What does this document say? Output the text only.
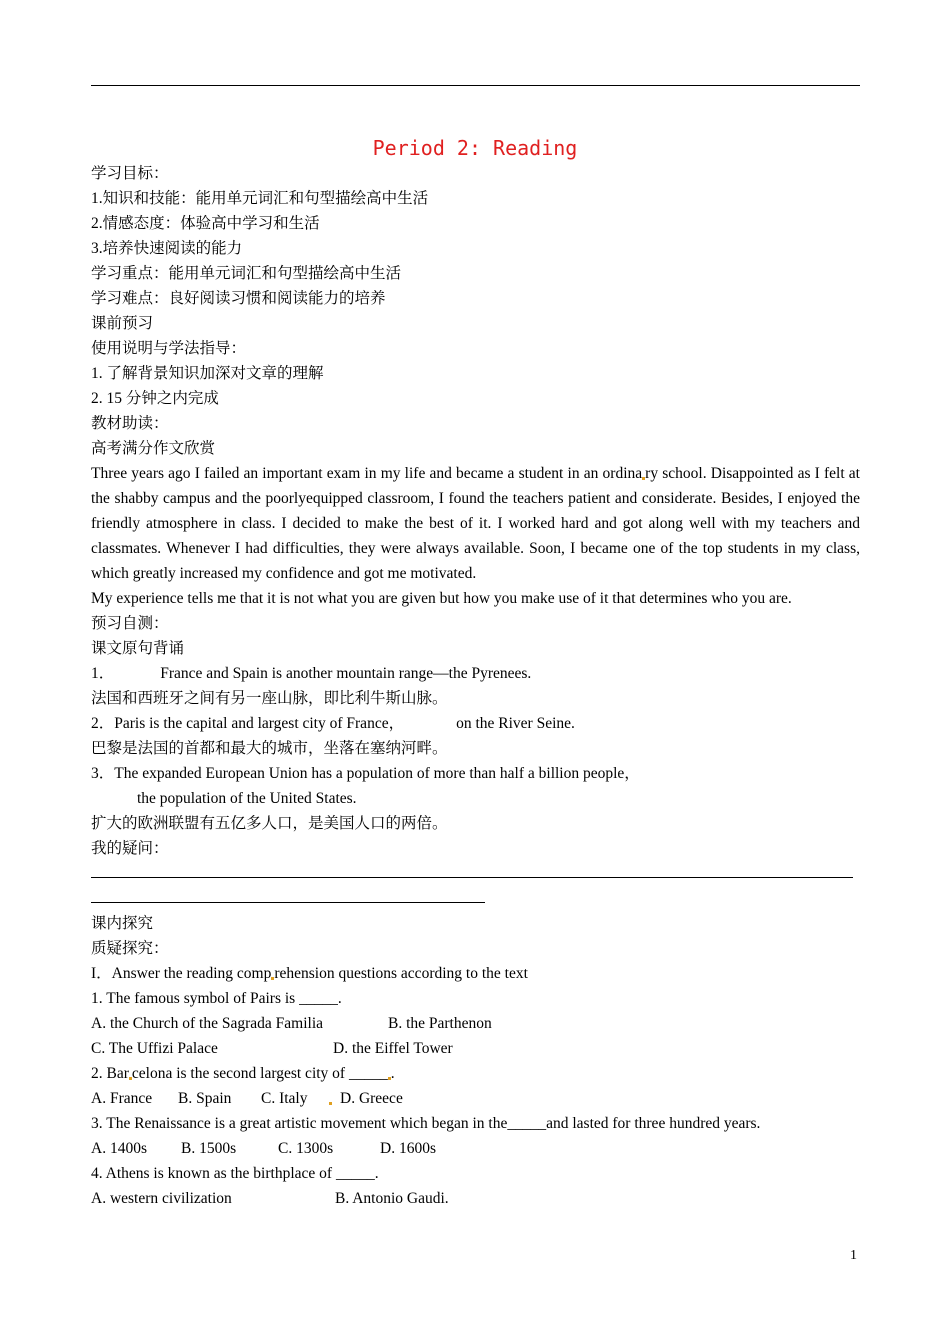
Period 2: Reading
学习目标：
1.知识和技能：能用单元词汇和句型描绘高中生活
2.情感态度：体验高中学习和生活
3.培养快速阅读的能力
学习重点：能用单元词汇和句型描绘高中生活
学习难点：良好阅读习惯和阅读能力的培养
课前预习
使用说明与学法指导：
1. 了解背景知识加深对文章的理解
2. 15 分钟之内完成
教材助读：
高考满分作文欣赏
Three years ago I failed an important exam in my life and became a student in an ordina ry school. Disappointed as I felt at the shabby campus and the poorlyequipped classroom, I found the teachers patient and considerate. Besides, I enjoyed the friendly atmosphere in class. I decided to make the best of it. I worked hard and got along well with my teachers and classmates. Whenever I had difficulties, they were always available. Soon, I became one of the top students in my class, which greatly increased my confidence and got me motivated.
My experience tells me that it is not what you are given but how you make use of it that determines who you are.
预习自测：
课文原句背诵
1．	France and Spain is another mountain range—the Pyrenees.
法国和西班牙之间有另一座山脉，即比利牛斯山脉。
2．Paris is the capital and largest city of France，	on the River Seine.
巴黎是法国的首都和最大的城市，坐落在塞纳河畔。
3．The expanded European Union has a population of more than half a billion people，
the population of the United States.
扩大的欧洲联盟有五亿多人口，是美国人口的两倍。
我的疑问：
课内探究
质疑探究：
I．Answer the reading comp rehension questions according to the text
1. The famous symbol of Pairs is _____.
A. the Church of the Sagrada Familia	B. the Parthenon
C. The Uffizi Palace	D. the Eiffel Tower
2. Bar celona is the second largest city of _____ .
A. France B. Spain C. Italy D. Greece
3. The Renaissance is a great artistic movement which began in the_____and lasted for three hundred years.
A. 1400s B. 1500s	C. 1300s	D. 1600s
4. Athens is known as the birthplace of _____.
A. western civilization	B. Antonio Gaudi.
1
